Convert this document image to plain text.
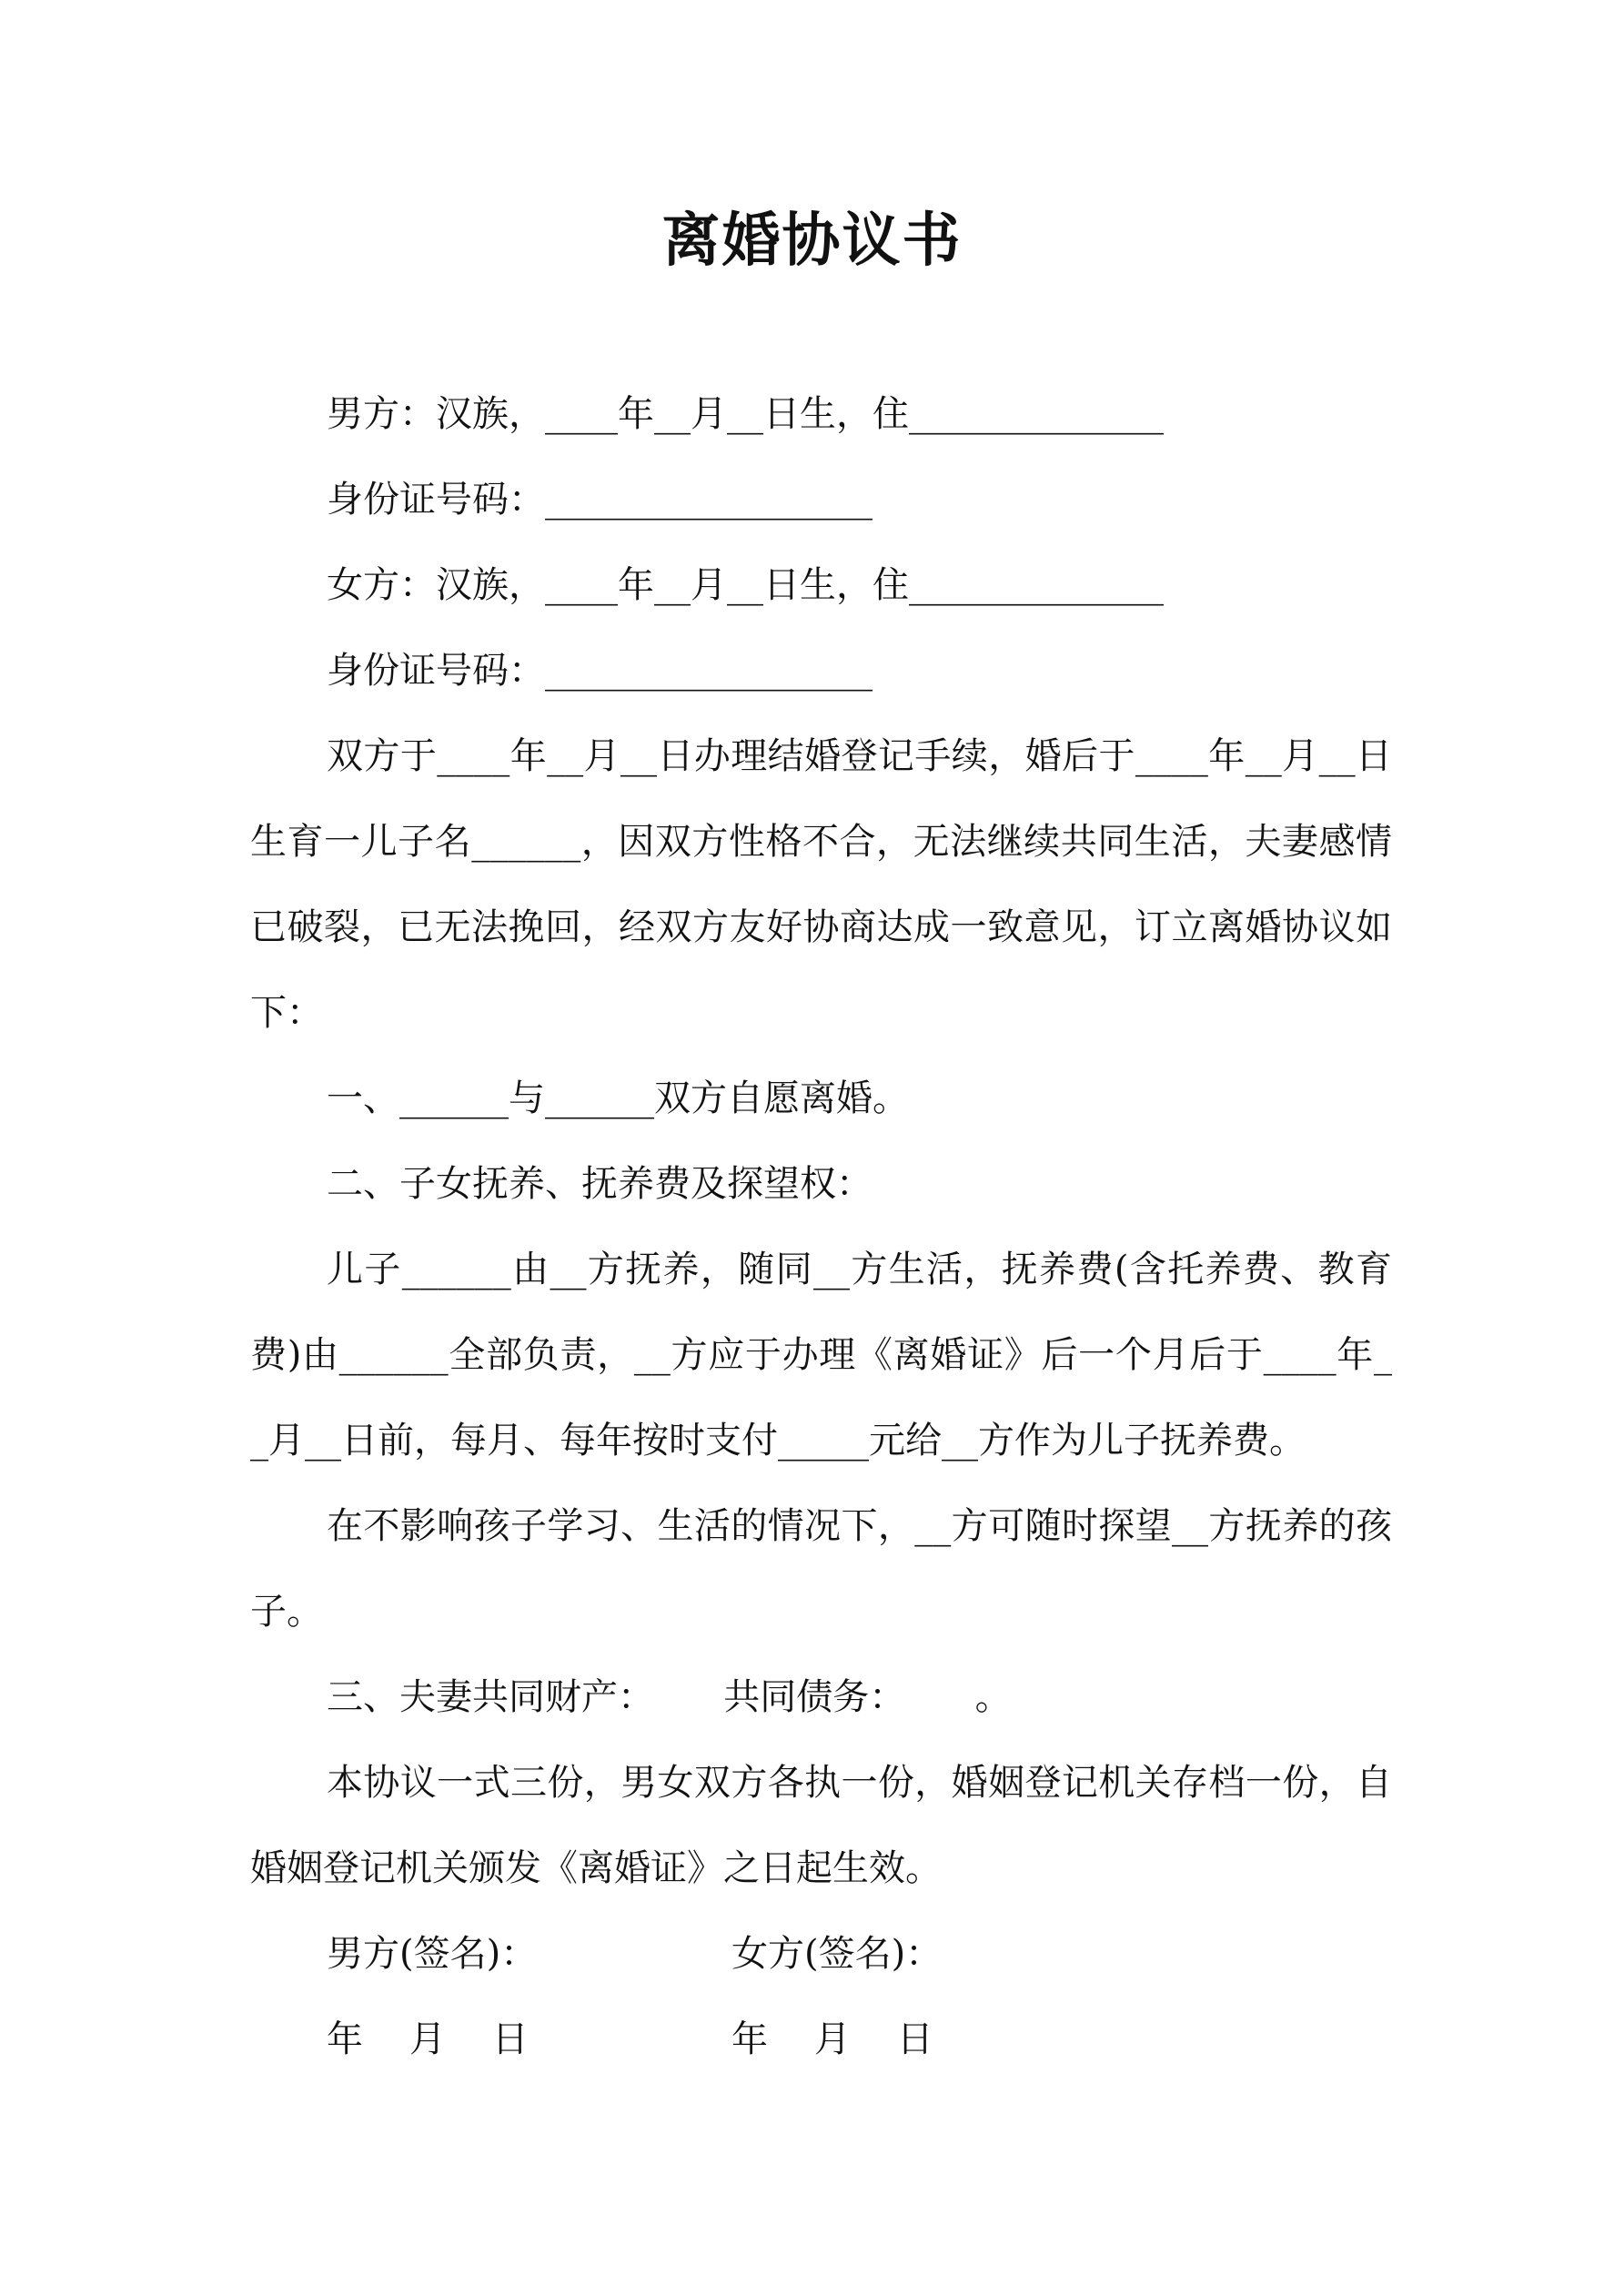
离婚协议书

男方：汉族，____年__月__日生，住______________

身份证号码：__________________

女方：汉族，____年__月__日生，住______________

身份证号码：__________________

双方于____年__月__日办理结婚登记手续，婚后于____年__月__日生育一儿子名______，因双方性格不合，无法继续共同生活，夫妻感情已破裂，已无法挽回，经双方友好协商达成一致意见，订立离婚协议如下：

一、______与______双方自愿离婚。

二、子女抚养、抚养费及探望权：

儿子______由__方抚养，随同__方生活，抚养费(含托养费、教育费)由______全部负责，__方应于办理《离婚证》后一个月后于____年__月__日前，每月、每年按时支付_____元给__方作为儿子抚养费。

在不影响孩子学习、生活的情况下，__方可随时探望__方抚养的孩子。

三、夫妻共同财产：      共同债务：      。

本协议一式三份，男女双方各执一份，婚姻登记机关存档一份，自婚姻登记机关颁发《离婚证》之日起生效。

男方(签名)：	女方(签名)：
年    月    日	年    月    日
